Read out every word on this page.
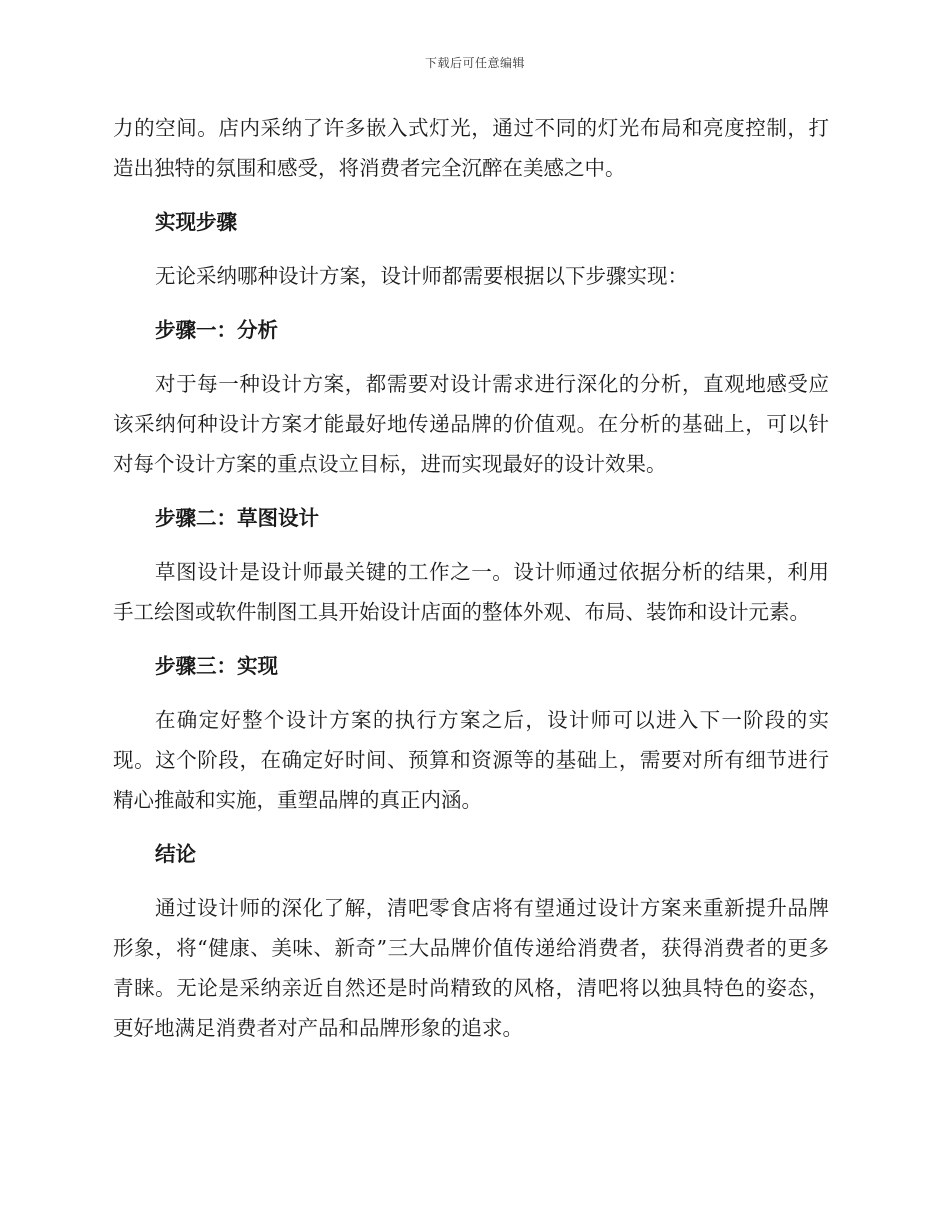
下载后可任意编辑

力的空间。店内采纳了许多嵌入式灯光，通过不同的灯光布局和亮度控制，打造出独特的氛围和感受，将消费者完全沉醉在美感之中。

实现步骤

无论采纳哪种设计方案，设计师都需要根据以下步骤实现：

步骤一：分析

对于每一种设计方案，都需要对设计需求进行深化的分析，直观地感受应该采纳何种设计方案才能最好地传递品牌的价值观。在分析的基础上，可以针对每个设计方案的重点设立目标，进而实现最好的设计效果。

步骤二：草图设计

草图设计是设计师最关键的工作之一。设计师通过依据分析的结果，利用手工绘图或软件制图工具开始设计店面的整体外观、布局、装饰和设计元素。

步骤三：实现

在确定好整个设计方案的执行方案之后，设计师可以进入下一阶段的实现。这个阶段，在确定好时间、预算和资源等的基础上，需要对所有细节进行精心推敲和实施，重塑品牌的真正内涵。

结论

通过设计师的深化了解，清吧零食店将有望通过设计方案来重新提升品牌形象，将“健康、美味、新奇”三大品牌价值传递给消费者，获得消费者的更多青睐。无论是采纳亲近自然还是时尚精致的风格，清吧将以独具特色的姿态，更好地满足消费者对产品和品牌形象的追求。
